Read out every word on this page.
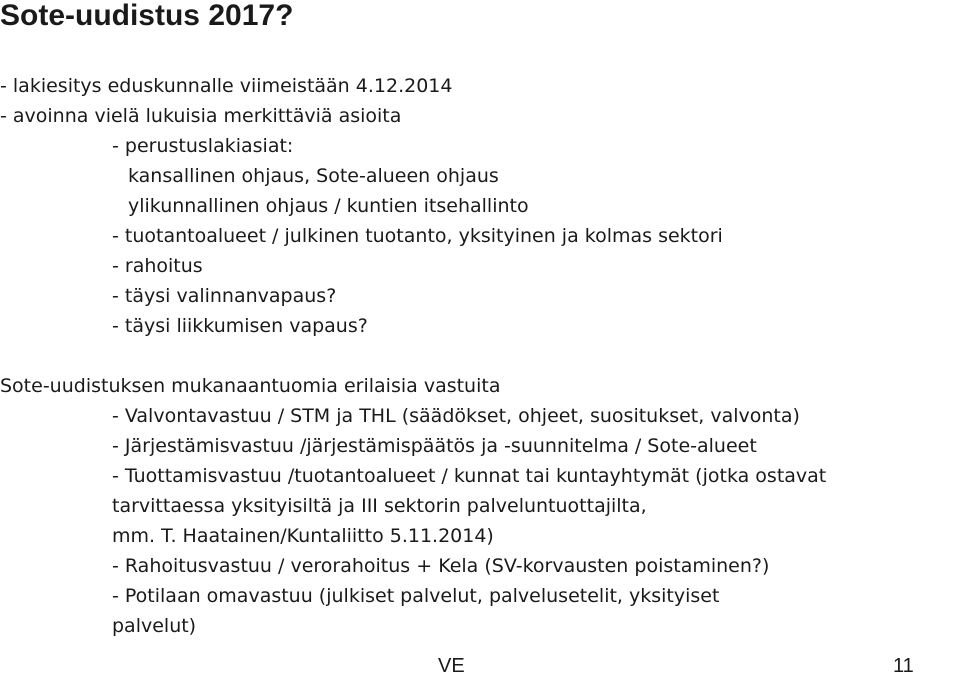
Sote-uudistus 2017?
- lakiesitys eduskunnalle viimeistään 4.12.2014
- avoinna vielä lukuisia merkittäviä asioita
- perustuslakiasiat:
kansallinen ohjaus, Sote-alueen ohjaus
ylikunnallinen ohjaus / kuntien itsehallinto
- tuotantoalueet / julkinen tuotanto, yksityinen ja kolmas sektori
- rahoitus
- täysi valinnanvapaus?
- täysi liikkumisen vapaus?
Sote-uudistuksen mukanaantuomia erilaisia vastuita
- Valvontavastuu / STM ja THL (säädökset, ohjeet, suositukset, valvonta)
- Järjestämisvastuu /järjestämispäätös ja -suunnitelma / Sote-alueet
- Tuottamisvastuu /tuotantoalueet / kunnat tai kuntayhtymät (jotka ostavat
tarvittaessa yksityisiltä ja III sektorin palveluntuottajilta,
mm. T. Haatainen/Kuntaliitto 5.11.2014)
- Rahoitusvastuu / verorahoitus + Kela (SV-korvausten poistaminen?)
- Potilaan omavastuu (julkiset palvelut, palvelusetelit, yksityiset
palvelut)
VE	11
